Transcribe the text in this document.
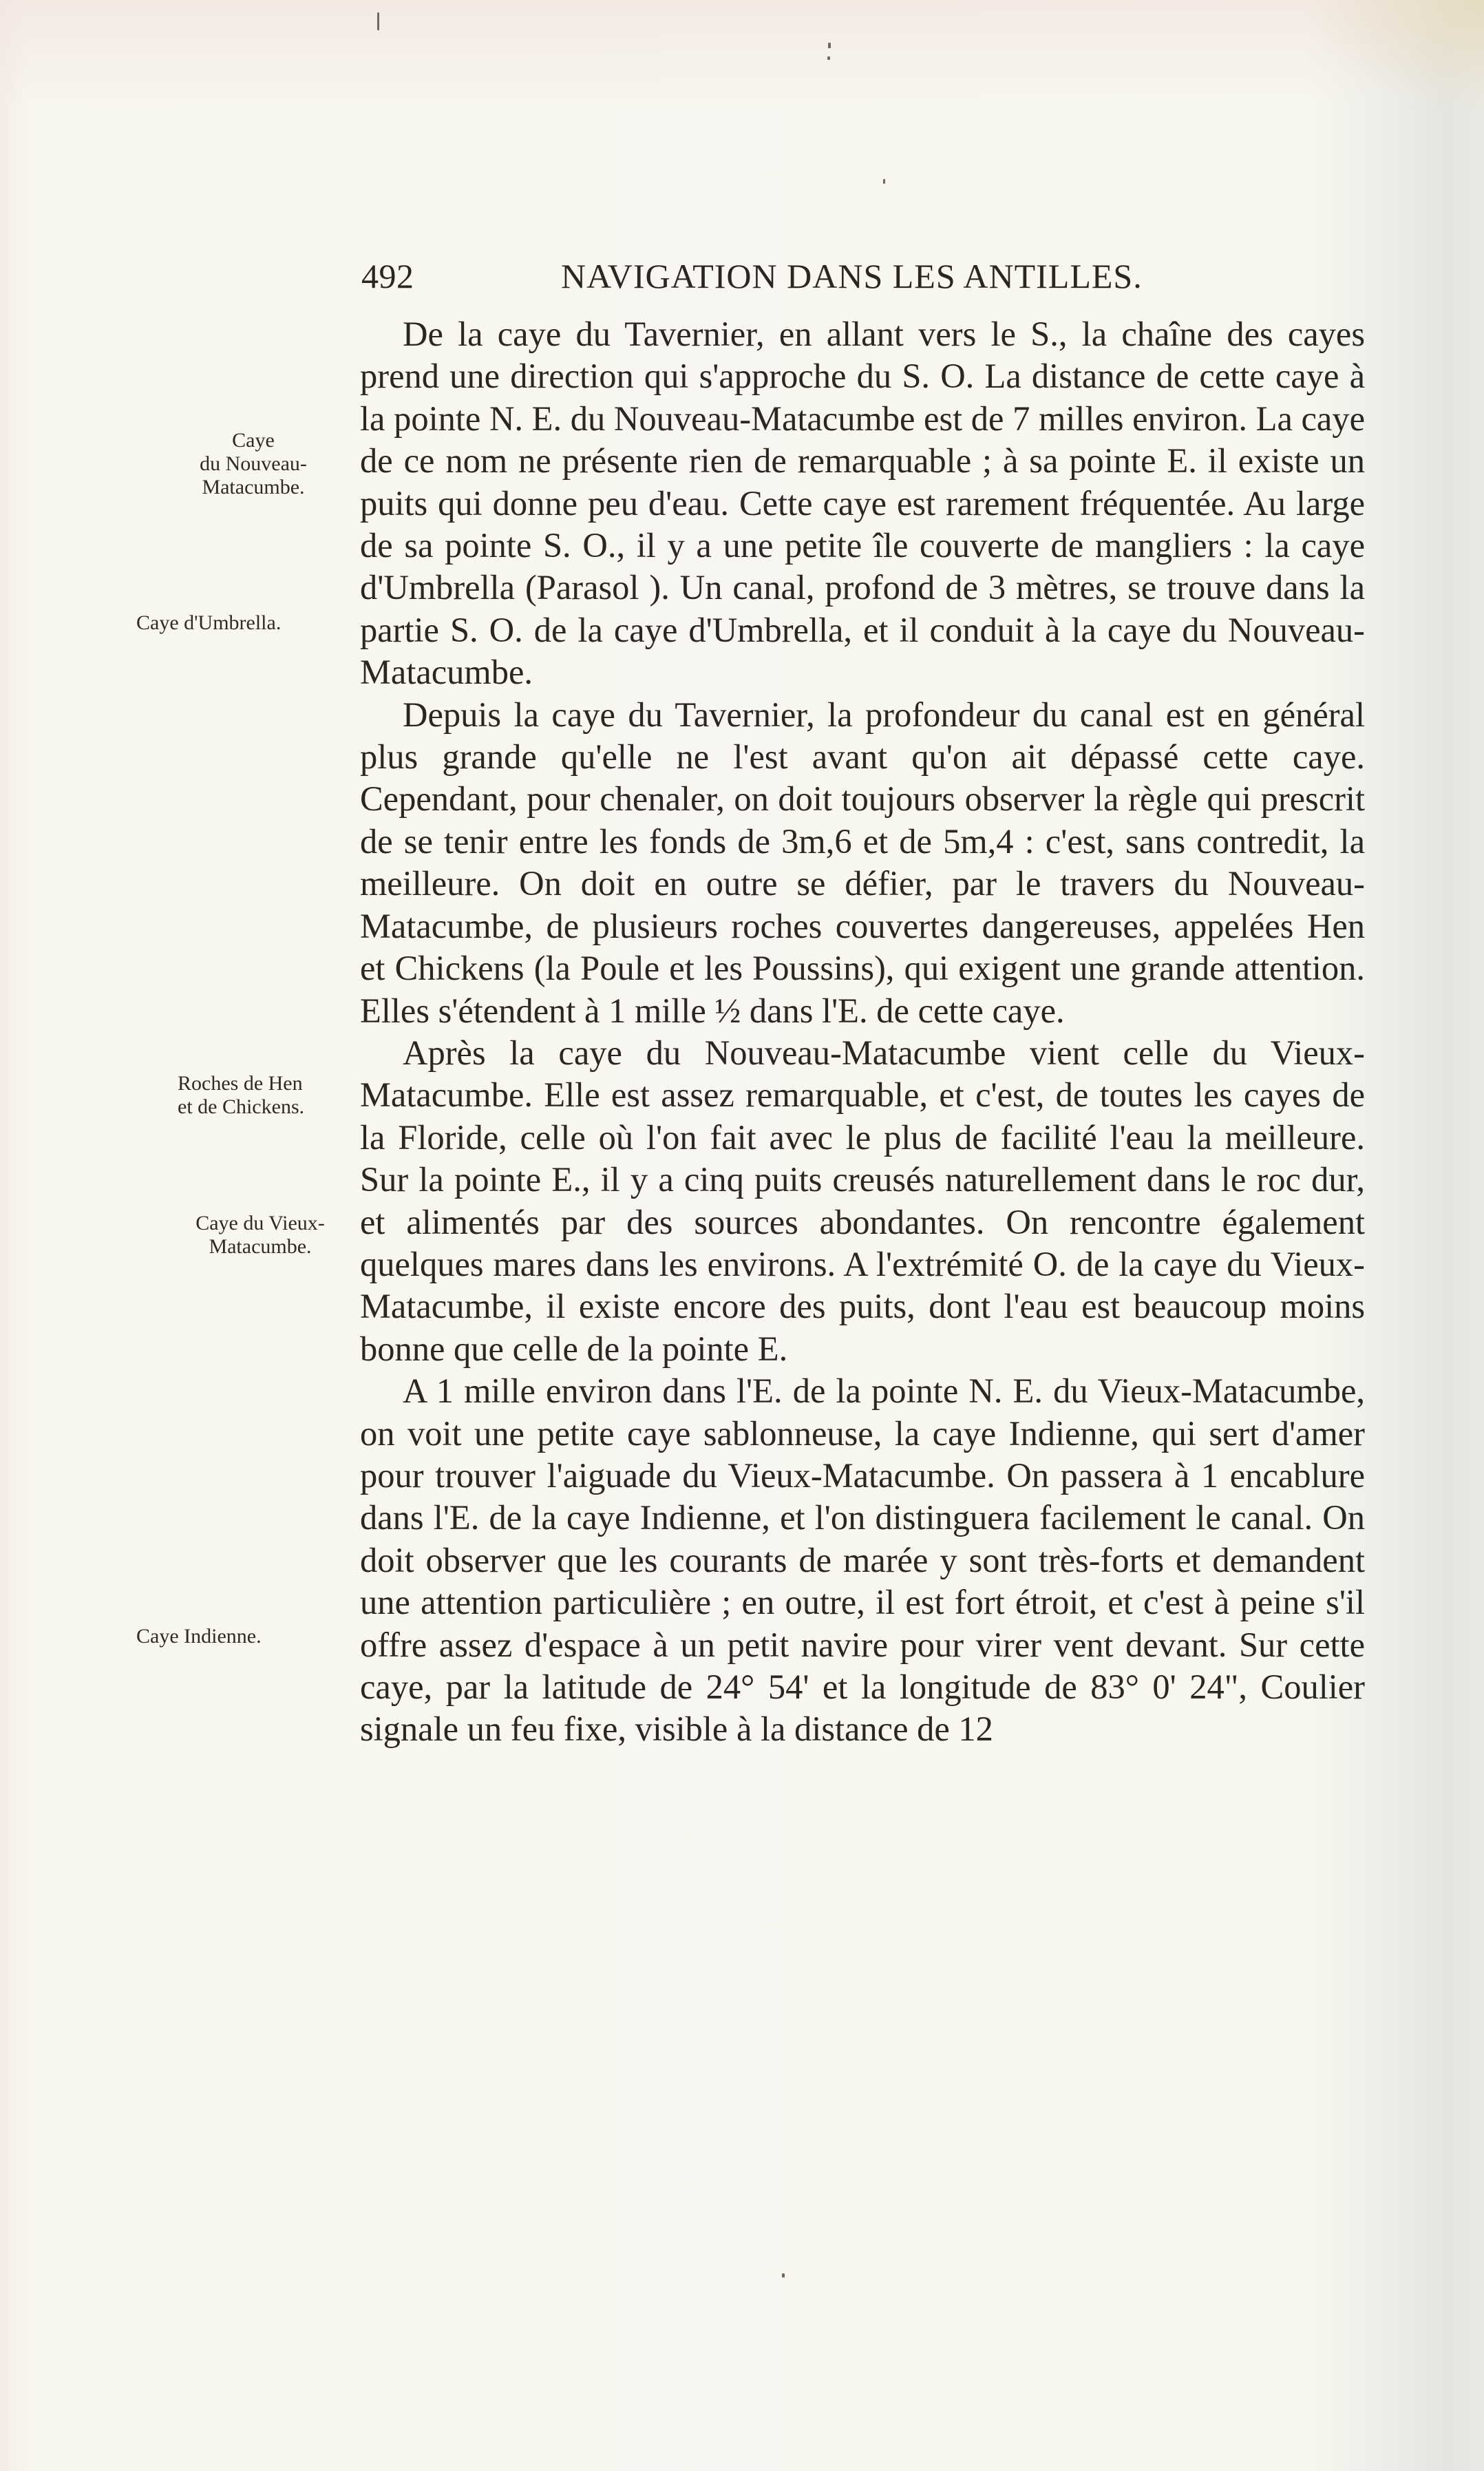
492	NAVIGATION DANS LES ANTILLES.
Caye
du Nouveau-
Matacumbe.
Caye d'Umbrella.
Roches de Hen
et de Chickens.
Caye du Vieux-
Matacumbe.
Caye Indienne.

De la caye du Tavernier, en allant vers le S., la chaîne des cayes prend une direction qui s'approche du S. O. La distance de cette caye à la pointe N. E. du Nouveau-Matacumbe est de 7 milles environ. La caye de ce nom ne présente rien de remarquable ; à sa pointe E. il existe un puits qui donne peu d'eau. Cette caye est rarement fréquentée. Au large de sa pointe S. O., il y a une petite île couverte de mangliers : la caye d'Umbrella (Parasol ). Un canal, profond de 3 mètres, se trouve dans la partie S. O. de la caye d'Umbrella, et il conduit à la caye du Nouveau-Matacumbe.

Depuis la caye du Tavernier, la profondeur du canal est en général plus grande qu'elle ne l'est avant qu'on ait dépassé cette caye. Cependant, pour chenaler, on doit toujours observer la règle qui prescrit de se tenir entre les fonds de 3m,6 et de 5m,4 : c'est, sans contredit, la meilleure. On doit en outre se défier, par le travers du Nouveau-Matacumbe, de plusieurs roches couvertes dangereuses, appelées Hen et Chickens (la Poule et les Poussins), qui exigent une grande attention. Elles s'étendent à 1 mille ½ dans l'E. de cette caye.

Après la caye du Nouveau-Matacumbe vient celle du Vieux-Matacumbe. Elle est assez remarquable, et c'est, de toutes les cayes de la Floride, celle où l'on fait avec le plus de facilité l'eau la meilleure. Sur la pointe E., il y a cinq puits creusés naturellement dans le roc dur, et alimentés par des sources abondantes. On rencontre également quelques mares dans les environs. A l'extrémité O. de la caye du Vieux-Matacumbe, il existe encore des puits, dont l'eau est beaucoup moins bonne que celle de la pointe E.

A 1 mille environ dans l'E. de la pointe N. E. du Vieux-Matacumbe, on voit une petite caye sablonneuse, la caye Indienne, qui sert d'amer pour trouver l'aiguade du Vieux-Matacumbe. On passera à 1 encablure dans l'E. de la caye Indienne, et l'on distinguera facilement le canal. On doit observer que les courants de marée y sont très-forts et demandent une attention particulière ; en outre, il est fort étroit, et c'est à peine s'il offre assez d'espace à un petit navire pour virer vent devant. Sur cette caye, par la latitude de 24° 54' et la longitude de 83° 0' 24", Coulier signale un feu fixe, visible à la distance de 12
